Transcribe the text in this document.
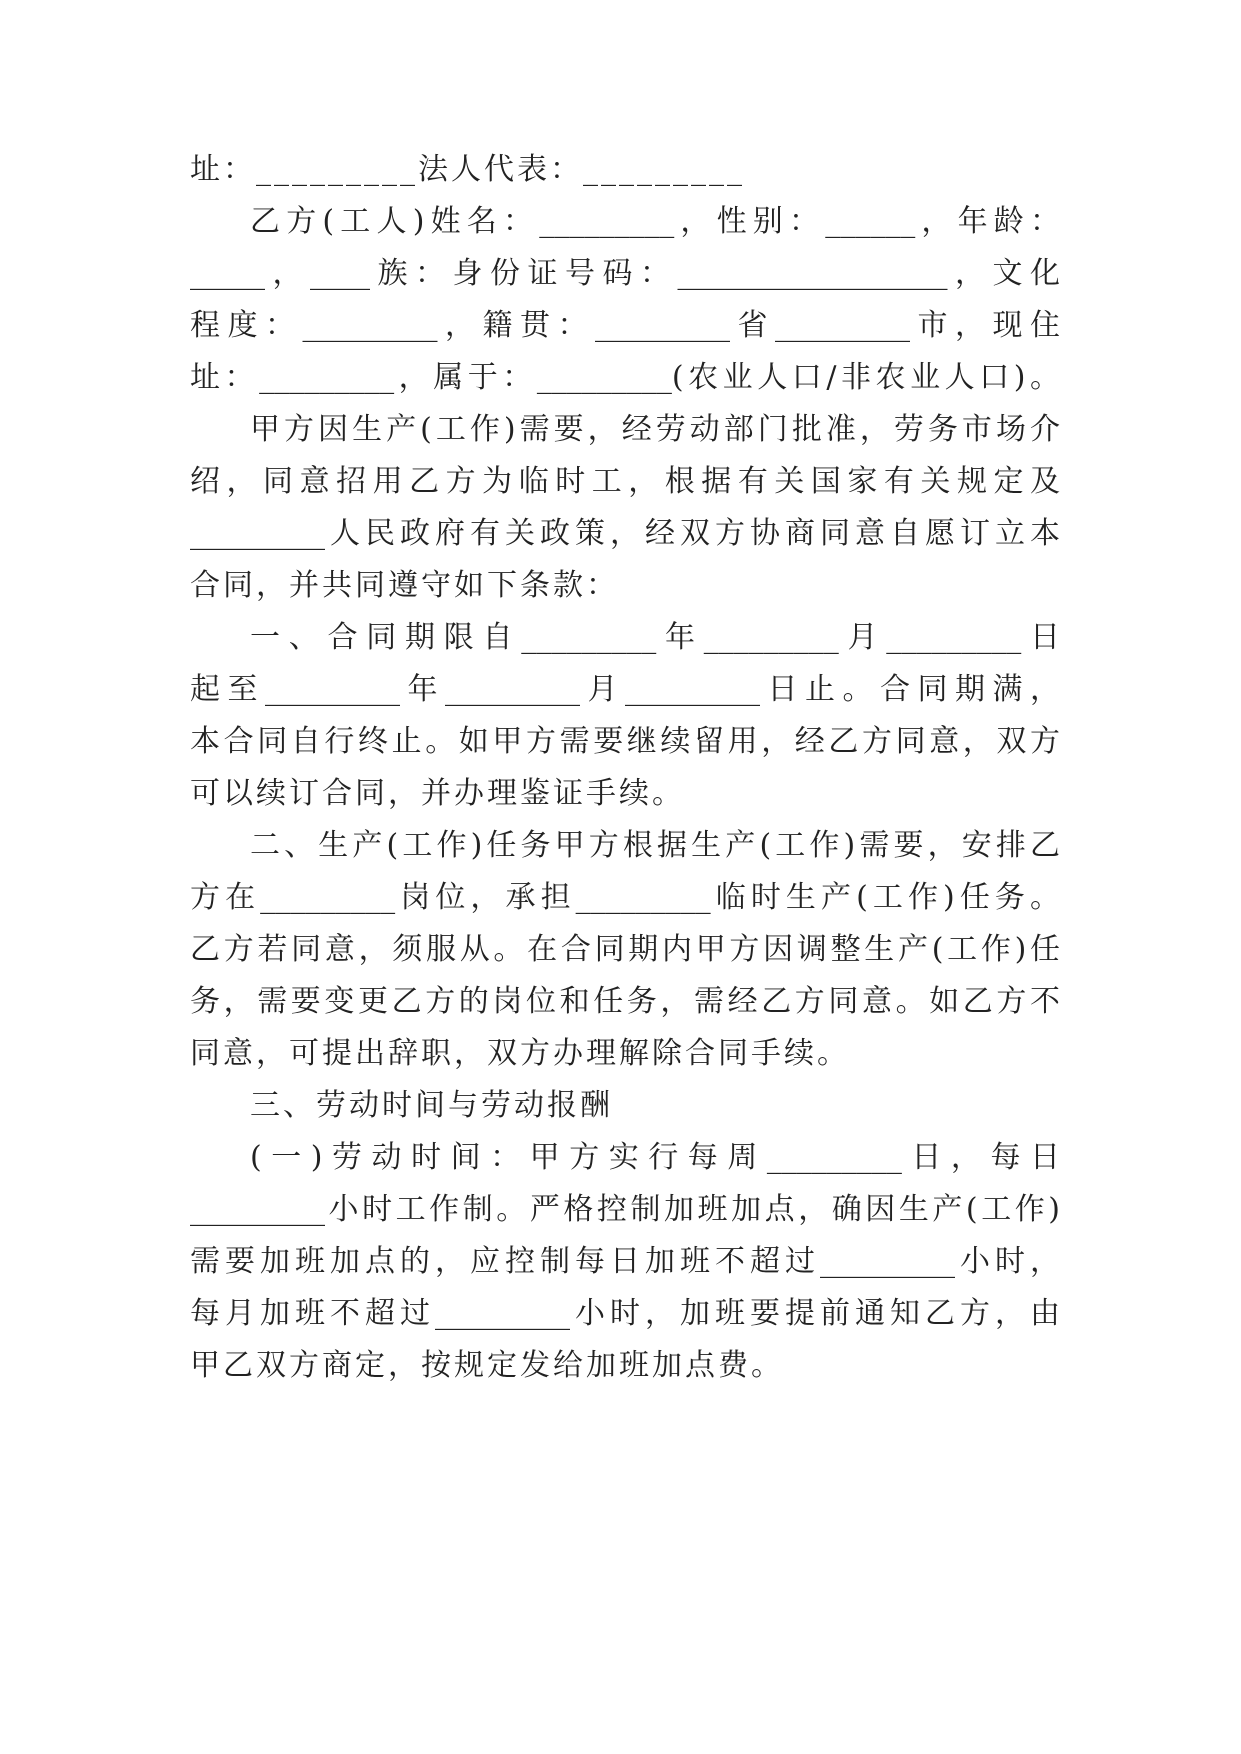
址：_________法人代表：_________
乙方(工人)姓名：_________，性别：______，年龄：
_____，____族：身份证号码：__________________，文化
程度：_________，籍贯：_________省_________市，现住
址：_________，属于：_________(农业人口/非农业人口)。
甲方因生产(工作)需要，经劳动部门批准，劳务市场介
绍，同意招用乙方为临时工，根据有关国家有关规定及
_________人民政府有关政策，经双方协商同意自愿订立本
合同，并共同遵守如下条款：
一、合同期限自_________年_________月_________日
起至_________年_________月_________日止。合同期满，
本合同自行终止。如甲方需要继续留用，经乙方同意，双方
可以续订合同，并办理鉴证手续。
二、生产(工作)任务甲方根据生产(工作)需要，安排乙
方在_________岗位，承担_________临时生产(工作)任务。
乙方若同意，须服从。在合同期内甲方因调整生产(工作)任
务，需要变更乙方的岗位和任务，需经乙方同意。如乙方不
同意，可提出辞职，双方办理解除合同手续。
三、劳动时间与劳动报酬
(一)劳动时间：甲方实行每周_________日，每日
_________小时工作制。严格控制加班加点，确因生产(工作)
需要加班加点的，应控制每日加班不超过_________小时，
每月加班不超过_________小时，加班要提前通知乙方，由
甲乙双方商定，按规定发给加班加点费。
